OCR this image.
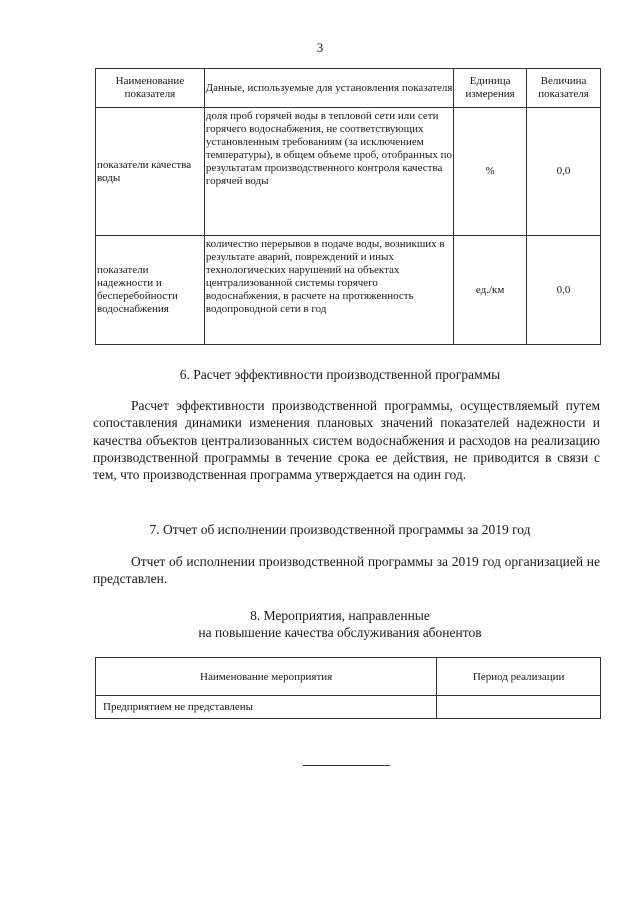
3
Наименование показателя	Данные, используемые для установления показателя	Единица измерения	Величина показателя
показатели качества воды	доля проб горячей воды в тепловой сети или сети горячего водоснабжения, не соответствующих установленным требованиям (за исключением температуры), в общем объеме проб, отобранных по результатам производственного контроля качества горячей воды	%	0,0
показатели надежности и бесперебойности водоснабжения	количество перерывов в подаче воды, возникших в результате аварий, повреждений и иных технологических нарушений на объектах централизованной системы горячего водоснабжения, в расчете на протяженность водопроводной сети в год	ед./км	0,0
6. Расчет эффективности производственной программы

Расчет эффективности производственной программы, осуществляемый путем сопоставления динамики изменения плановых значений показателей надежности и качества объектов централизованных систем водоснабжения и расходов на реализацию производственной программы в течение срока ее действия, не приводится в связи с тем, что производственная программа утверждается на один год.

7. Отчет об исполнении производственной программы за 2019 год

Отчет об исполнении производственной программы за 2019 год организацией не представлен.

8. Мероприятия, направленные
на повышение качества обслуживания абонентов
Наименование мероприятия	Период реализации
Предприятием не представлены	
